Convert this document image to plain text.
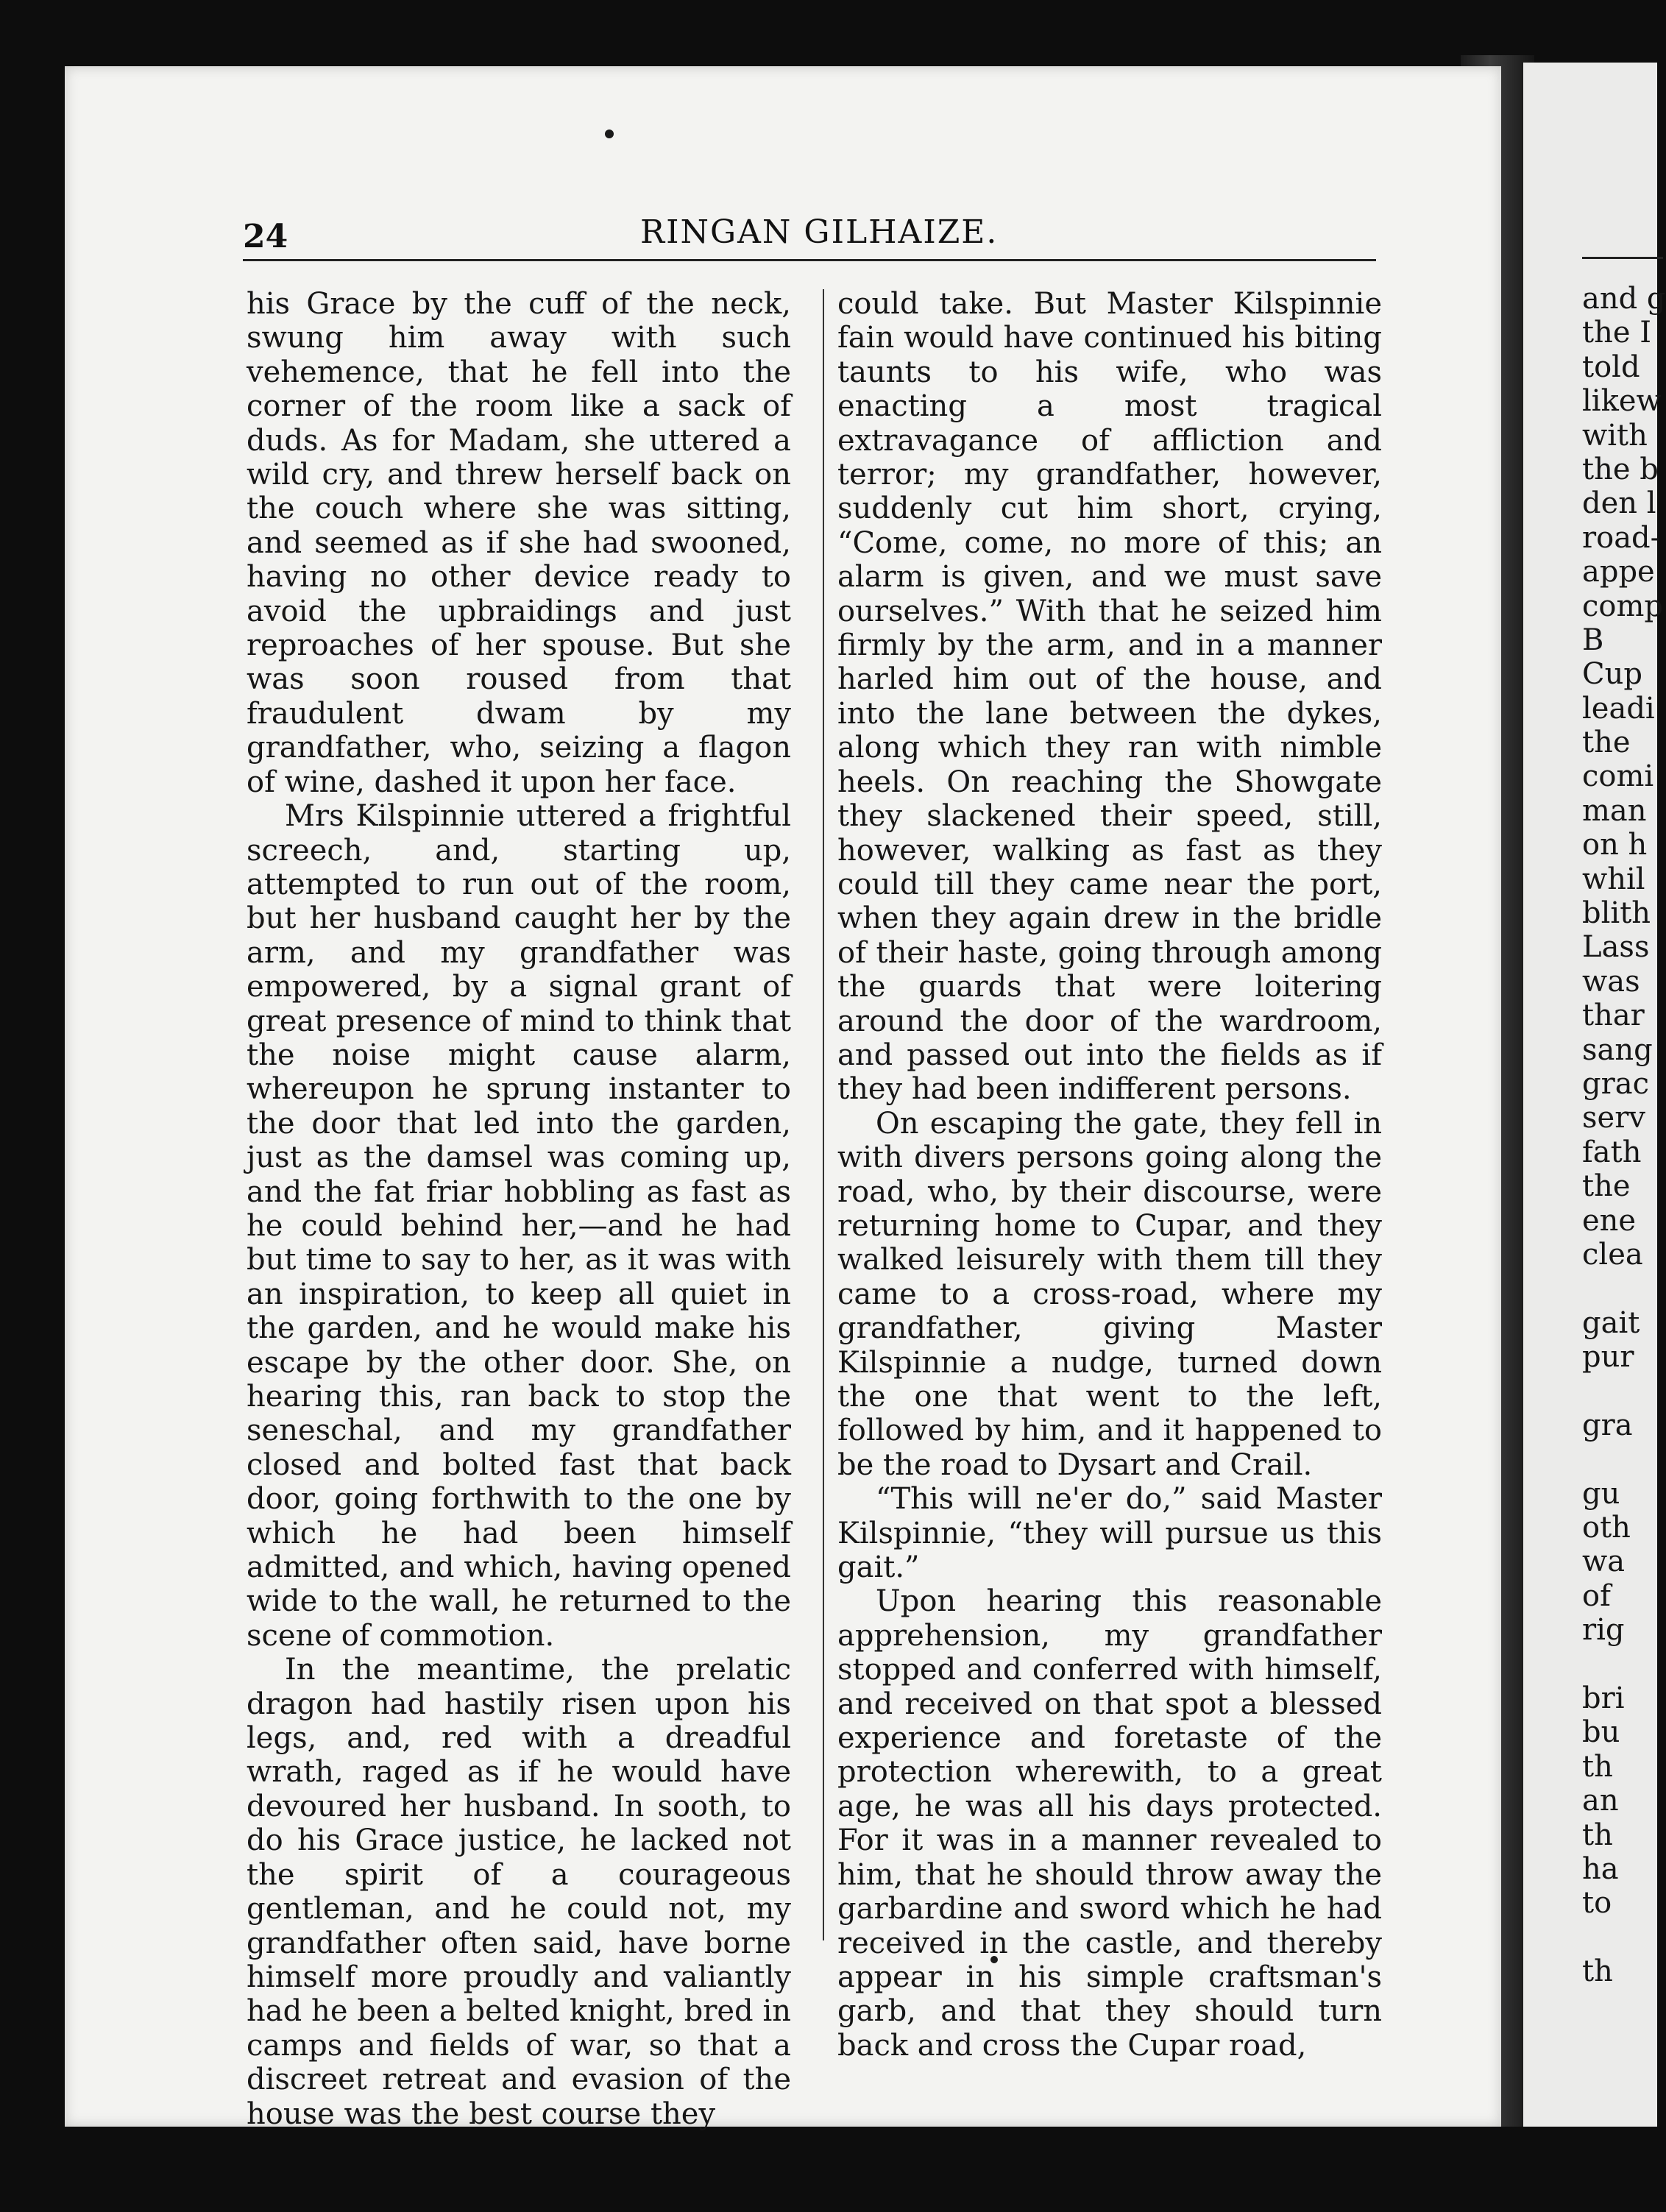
and g
the I
told
likew
with
the b
den l
road-
appe
comp
B
Cup
leadi
the
comi
man
on h
whil
blith
Lass
was
thar
sang
grac
serv
fath
the
ene
clea
gait
pur
gra
gu
oth
wa
of
rig
bri
bu
th
an
th
ha
to
th
24	RINGAN GILHAIZE.

his Grace by the cuff of the neck, swung him away with such vehemence, that he fell into the corner of the room like a sack of duds. As for Madam, she uttered a wild cry, and threw herself back on the couch where she was sitting, and seemed as if she had swooned, having no other device ready to avoid the upbraidings and just reproaches of her spouse. But she was soon roused from that fraudulent dwam by my grandfather, who, seizing a flagon of wine, dashed it upon her face.

Mrs Kilspinnie uttered a frightful screech, and, starting up, attempted to run out of the room, but her husband caught her by the arm, and my grandfather was empowered, by a signal grant of great presence of mind to think that the noise might cause alarm, whereupon he sprung instanter to the door that led into the garden, just as the damsel was coming up, and the fat friar hobbling as fast as he could behind her,—and he had but time to say to her, as it was with an inspiration, to keep all quiet in the garden, and he would make his escape by the other door. She, on hearing this, ran back to stop the seneschal, and my grandfather closed and bolted fast that back door, going forthwith to the one by which he had been himself admitted, and which, having opened wide to the wall, he returned to the scene of commotion.

In the meantime, the prelatic dragon had hastily risen upon his legs, and, red with a dreadful wrath, raged as if he would have devoured her husband. In sooth, to do his Grace justice, he lacked not the spirit of a courageous gentleman, and he could not, my grandfather often said, have borne himself more proudly and valiantly had he been a belted knight, bred in camps and fields of war, so that a discreet retreat and evasion of the house was the best course they

could take. But Master Kilspinnie fain would have continued his biting taunts to his wife, who was enacting a most tragical extravagance of affliction and terror; my grandfather, however, suddenly cut him short, crying, “Come, come, no more of this; an alarm is given, and we must save ourselves.” With that he seized him firmly by the arm, and in a manner harled him out of the house, and into the lane between the dykes, along which they ran with nimble heels. On reaching the Showgate they slackened their speed, still, however, walking as fast as they could till they came near the port, when they again drew in the bridle of their haste, going through among the guards that were loitering around the door of the wardroom, and passed out into the fields as if they had been indifferent persons.

On escaping the gate, they fell in with divers persons going along the road, who, by their discourse, were returning home to Cupar, and they walked leisurely with them till they came to a cross-road, where my grandfather, giving Master Kilspinnie a nudge, turned down the one that went to the left, followed by him, and it happened to be the road to Dysart and Crail.

“This will ne'er do,” said Master Kilspinnie, “they will pursue us this gait.”

Upon hearing this reasonable apprehension, my grandfather stopped and conferred with himself, and received on that spot a blessed experience and foretaste of the protection wherewith, to a great age, he was all his days protected. For it was in a manner revealed to him, that he should throw away the garbardine and sword which he had received in the castle, and thereby appear in his simple craftsman's garb, and that they should turn back and cross the Cupar road,
